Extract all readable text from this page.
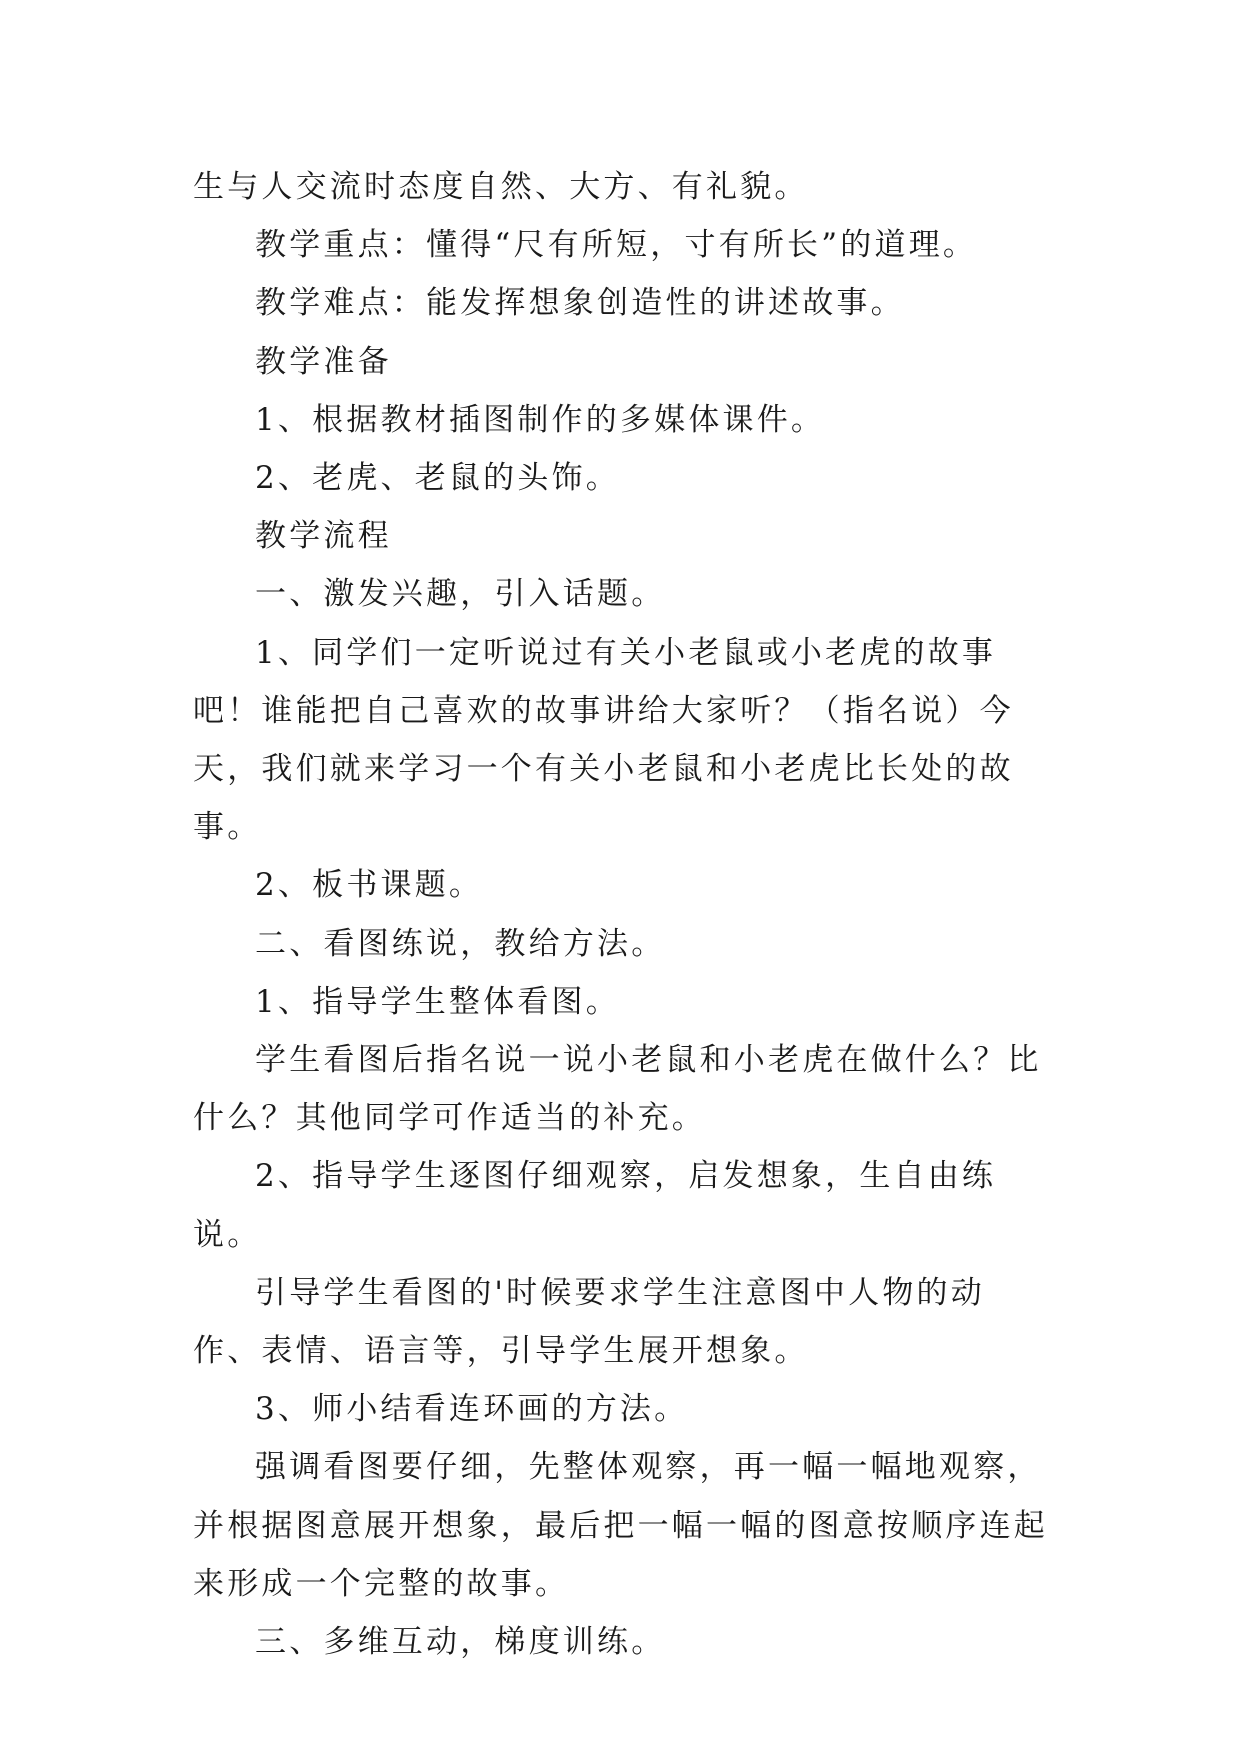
生与人交流时态度自然、大方、有礼貌。

教学重点：懂得“尺有所短，寸有所长”的道理。

教学难点：能发挥想象创造性的讲述故事。

教学准备

1、根据教材插图制作的多媒体课件。

2、老虎、老鼠的头饰。

教学流程

一、激发兴趣，引入话题。

1、同学们一定听说过有关小老鼠或小老虎的故事吧！谁能把自己喜欢的故事讲给大家听？（指名说）今天，我们就来学习一个有关小老鼠和小老虎比长处的故事。

2、板书课题。

二、看图练说，教给方法。

1、指导学生整体看图。

学生看图后指名说一说小老鼠和小老虎在做什么？比什么？其他同学可作适当的补充。

2、指导学生逐图仔细观察，启发想象，生自由练说。

引导学生看图的'时候要求学生注意图中人物的动作、表情、语言等，引导学生展开想象。

3、师小结看连环画的方法。

强调看图要仔细，先整体观察，再一幅一幅地观察，并根据图意展开想象，最后把一幅一幅的图意按顺序连起来形成一个完整的故事。

三、多维互动，梯度训练。
